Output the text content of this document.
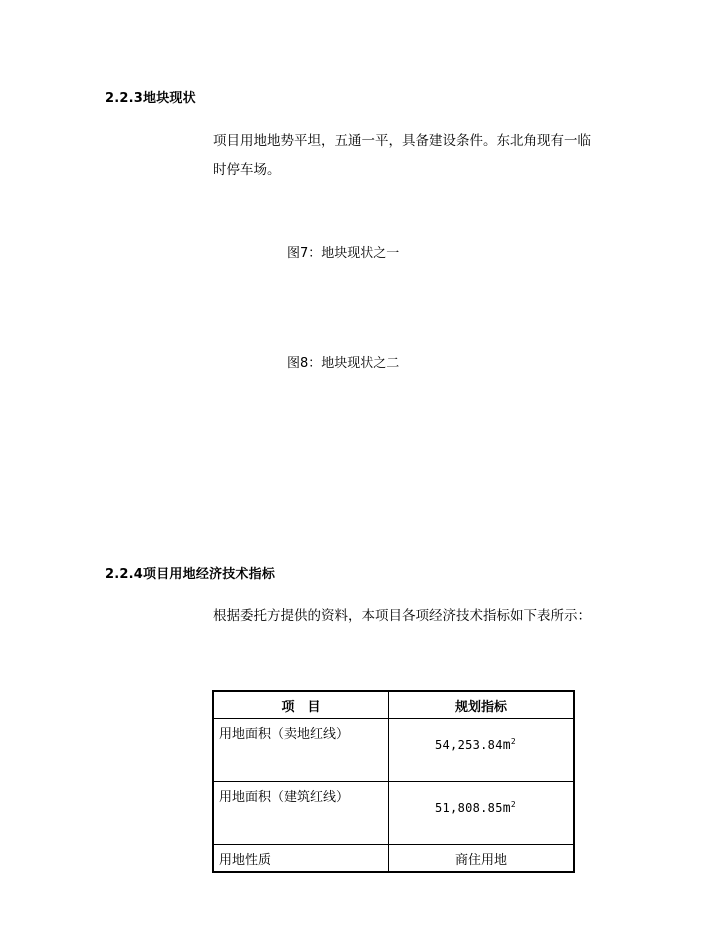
2.2.3地块现状
项目用地地势平坦，五通一平，具备建设条件。东北角现有一临时停车场。
图7：地块现状之一
图8：地块现状之二
2.2.4项目用地经济技术指标
根据委托方提供的资料，本项目各项经济技术指标如下表所示：
项　目	规划指标
用地面积（卖地红线）	$54,253.84m^2$
用地面积（建筑红线）	$51,808.85m^2$
用地性质	商住用地
